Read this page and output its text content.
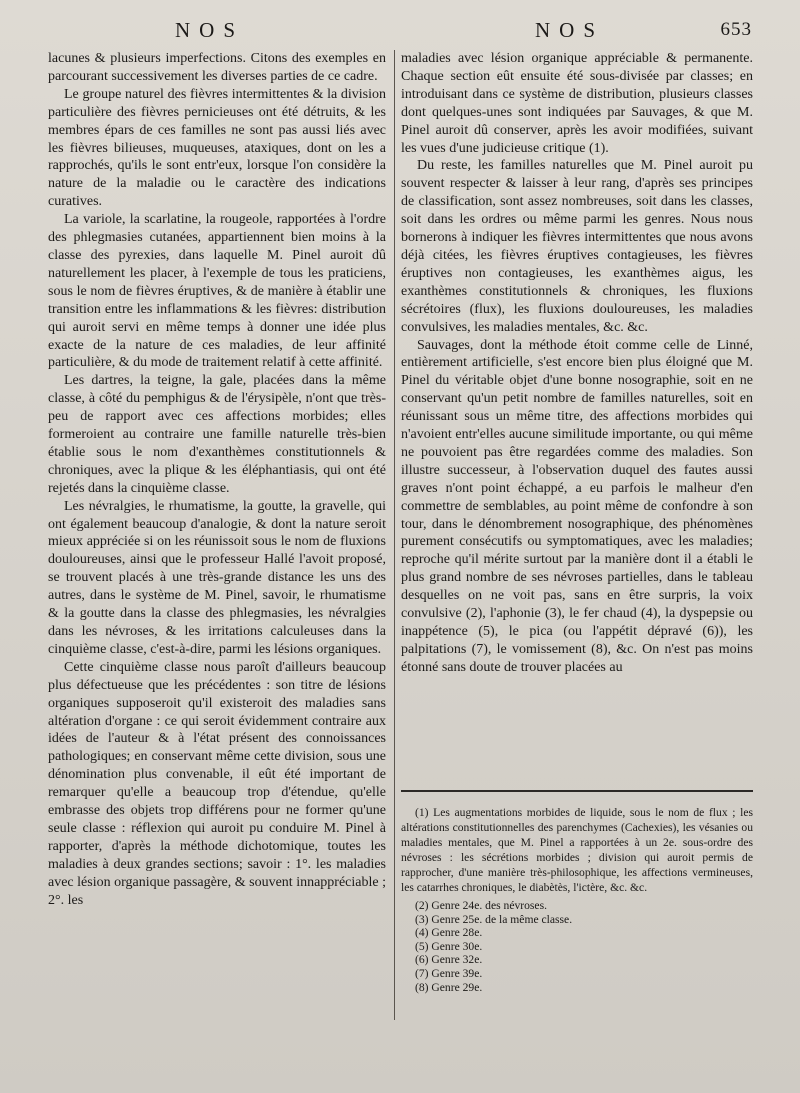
NOS	NOS	653

lacunes & plusieurs imperfections. Citons des exemples en parcourant successivement les diverses parties de ce cadre.

Le groupe naturel des fièvres intermittentes & la division particulière des fièvres pernicieuses ont été détruits, & les membres épars de ces familles ne sont pas aussi liés avec les fièvres bilieuses, muqueuses, ataxiques, dont on les a rapprochés, qu'ils le sont entr'eux, lorsque l'on considère la nature de la maladie ou le caractère des indications curatives.

La variole, la scarlatine, la rougeole, rapportées à l'ordre des phlegmasies cutanées, appartiennent bien moins à la classe des pyrexies, dans laquelle M. Pinel auroit dû naturellement les placer, à l'exemple de tous les praticiens, sous le nom de fièvres éruptives, & de manière à établir une transition entre les inflammations & les fièvres: distribution qui auroit servi en même temps à donner une idée plus exacte de la nature de ces maladies, de leur affinité particulière, & du mode de traitement relatif à cette affinité.

Les dartres, la teigne, la gale, placées dans la même classe, à côté du pemphigus & de l'érysipèle, n'ont que très-peu de rapport avec ces affections morbides; elles formeroient au contraire une famille naturelle très-bien établie sous le nom d'exanthèmes constitutionnels & chroniques, avec la plique & les éléphantiasis, qui ont été rejetés dans la cinquième classe.

Les névralgies, le rhumatisme, la goutte, la gravelle, qui ont également beaucoup d'analogie, & dont la nature seroit mieux appréciée si on les réunissoit sous le nom de fluxions douloureuses, ainsi que le professeur Hallé l'avoit proposé, se trouvent placés à une très-grande distance les uns des autres, dans le système de M. Pinel, savoir, le rhumatisme & la goutte dans la classe des phlegmasies, les névralgies dans les névroses, & les irritations calculeuses dans la cinquième classe, c'est-à-dire, parmi les lésions organiques.

Cette cinquième classe nous paroît d'ailleurs beaucoup plus défectueuse que les précédentes : son titre de lésions organiques supposeroit qu'il existeroit des maladies sans altération d'organe : ce qui seroit évidemment contraire aux idées de l'auteur & à l'état présent des connoissances pathologiques; en conservant même cette division, sous une dénomination plus convenable, il eût été important de remarquer qu'elle a beaucoup trop d'étendue, qu'elle embrasse des objets trop différens pour ne former qu'une seule classe : réflexion qui auroit pu conduire M. Pinel à rapporter, d'après la méthode dichotomique, toutes les maladies à deux grandes sections; savoir : 1°. les maladies avec lésion organique passagère, & souvent innappréciable ; 2°. les

maladies avec lésion organique appréciable & permanente. Chaque section eût ensuite été sous-divisée par classes; en introduisant dans ce système de distribution, plusieurs classes dont quelques-unes sont indiquées par Sauvages, & que M. Pinel auroit dû conserver, après les avoir modifiées, suivant les vues d'une judicieuse critique (1).

Du reste, les familles naturelles que M. Pinel auroit pu souvent respecter & laisser à leur rang, d'après ses principes de classification, sont assez nombreuses, soit dans les classes, soit dans les ordres ou même parmi les genres. Nous nous bornerons à indiquer les fièvres intermittentes que nous avons déjà citées, les fièvres éruptives contagieuses, les fièvres éruptives non contagieuses, les exanthèmes aigus, les exanthèmes constitutionnels & chroniques, les fluxions sécrétoires (flux), les fluxions douloureuses, les maladies convulsives, les maladies mentales, &c. &c.

Sauvages, dont la méthode étoit comme celle de Linné, entièrement artificielle, s'est encore bien plus éloigné que M. Pinel du véritable objet d'une bonne nosographie, soit en ne conservant qu'un petit nombre de familles naturelles, soit en réunissant sous un même titre, des affections morbides qui n'avoient entr'elles aucune similitude importante, ou qui même ne pouvoient pas être regardées comme des maladies. Son illustre successeur, à l'observation duquel des fautes aussi graves n'ont point échappé, a eu parfois le malheur d'en commettre de semblables, au point même de confondre à son tour, dans le dénombrement nosographique, des phénomènes purement consécutifs ou symptomatiques, avec les maladies; reproche qu'il mérite surtout par la manière dont il a établi le plus grand nombre de ses névroses partielles, dans le tableau desquelles on ne voit pas, sans en être surpris, la voix convulsive (2), l'aphonie (3), le fer chaud (4), la dyspepsie ou inappétence (5), le pica (ou l'appétit dépravé (6)), les palpitations (7), le vomissement (8), &c. On n'est pas moins étonné sans doute de trouver placées au

(1) Les augmentations morbides de liquide, sous le nom de flux ; les altérations constitutionnelles des parenchymes (Cachexies), les vésanies ou maladies mentales, que M. Pinel a rapportées à un 2e. sous-ordre des névroses : les sécrétions morbides ; division qui auroit permis de rapprocher, d'une manière très-philosophique, les affections vermineuses, les catarrhes chroniques, le diabètès, l'ictère, &c. &c.

(2) Genre 24e. des névroses.

(3) Genre 25e. de la même classe.

(4) Genre 28e.

(5) Genre 30e.

(6) Genre 32e.

(7) Genre 39e.

(8) Genre 29e.
